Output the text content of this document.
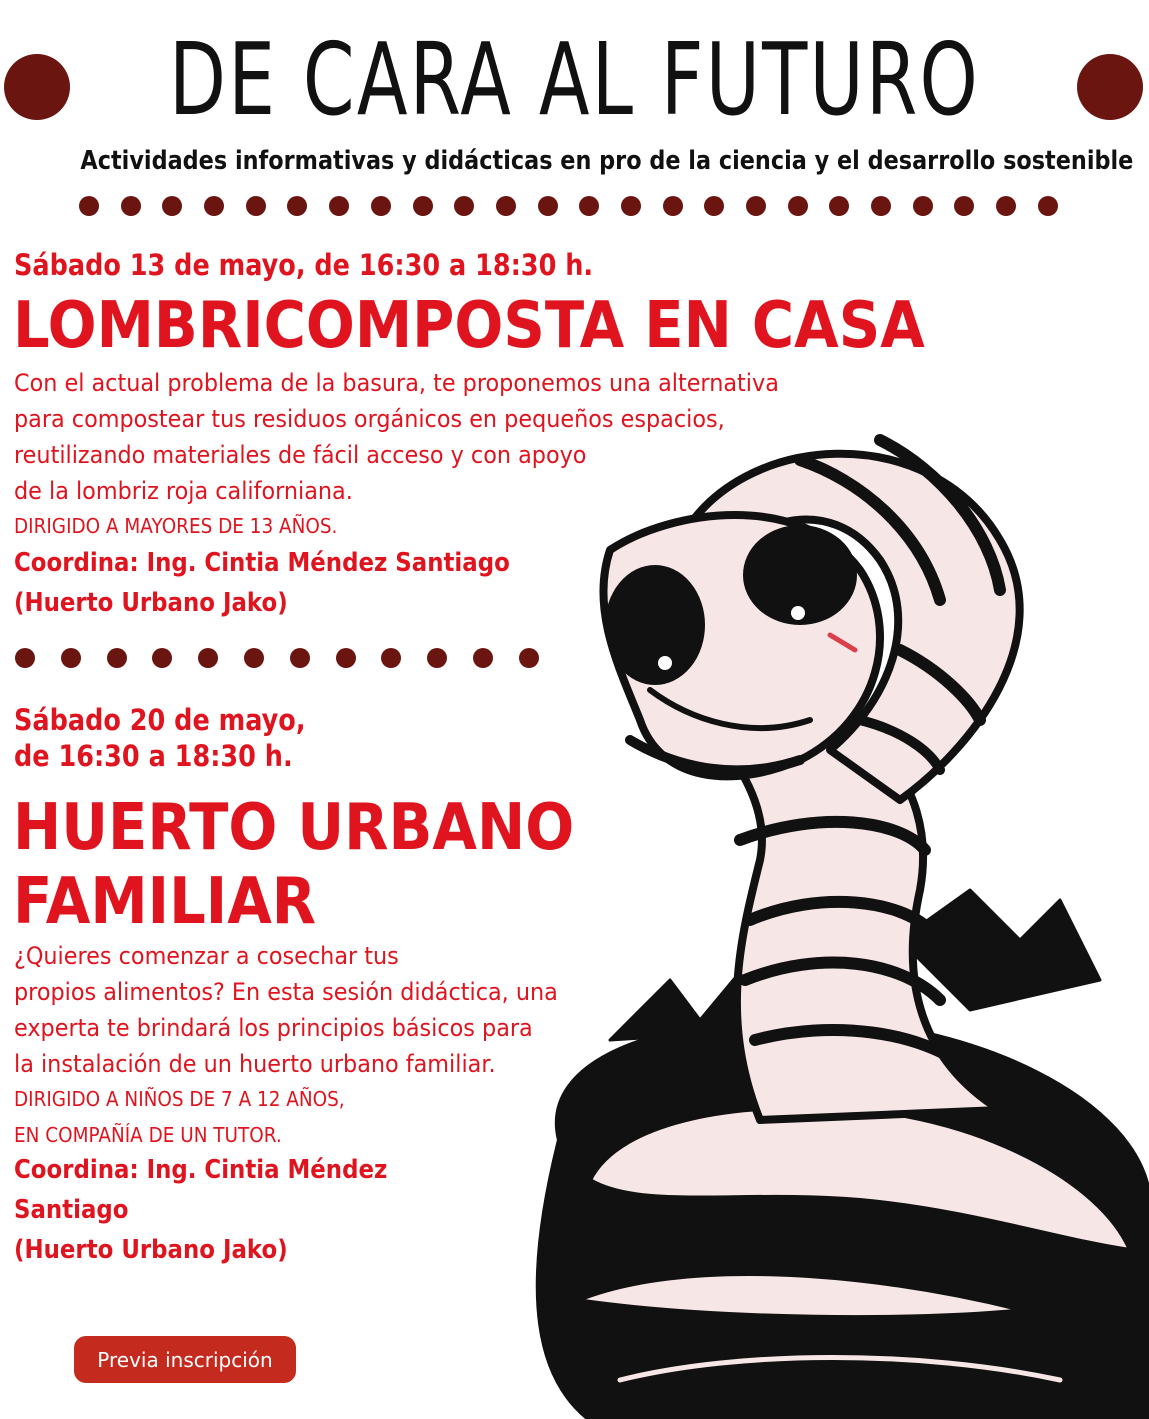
DE CARA AL FUTURO
Actividades informativas y didácticas en pro de la ciencia y el desarrollo sostenible
Sábado 13 de mayo, de 16:30 a 18:30 h.
LOMBRICOMPOSTA EN CASA
Con el actual problema de la basura, te proponemos una alternativa
para compostear tus residuos orgánicos en pequeños espacios,
reutilizando materiales de fácil acceso y con apoyo
de la lombriz roja californiana.
DIRIGIDO A MAYORES DE 13 AÑOS.
Coordina: Ing. Cintia Méndez Santiago
(Huerto Urbano Jako)
Sábado 20 de mayo,
de 16:30 a 18:30 h.
HUERTO URBANO
FAMILIAR
¿Quieres comenzar a cosechar tus
propios alimentos? En esta sesión didáctica, una
experta te brindará los principios básicos para
la instalación de un huerto urbano familiar.
DIRIGIDO A NIÑOS DE 7 A 12 AÑOS,
EN COMPAÑÍA DE UN TUTOR.
Coordina: Ing. Cintia Méndez
Santiago
(Huerto Urbano Jako)
Previa inscripción
